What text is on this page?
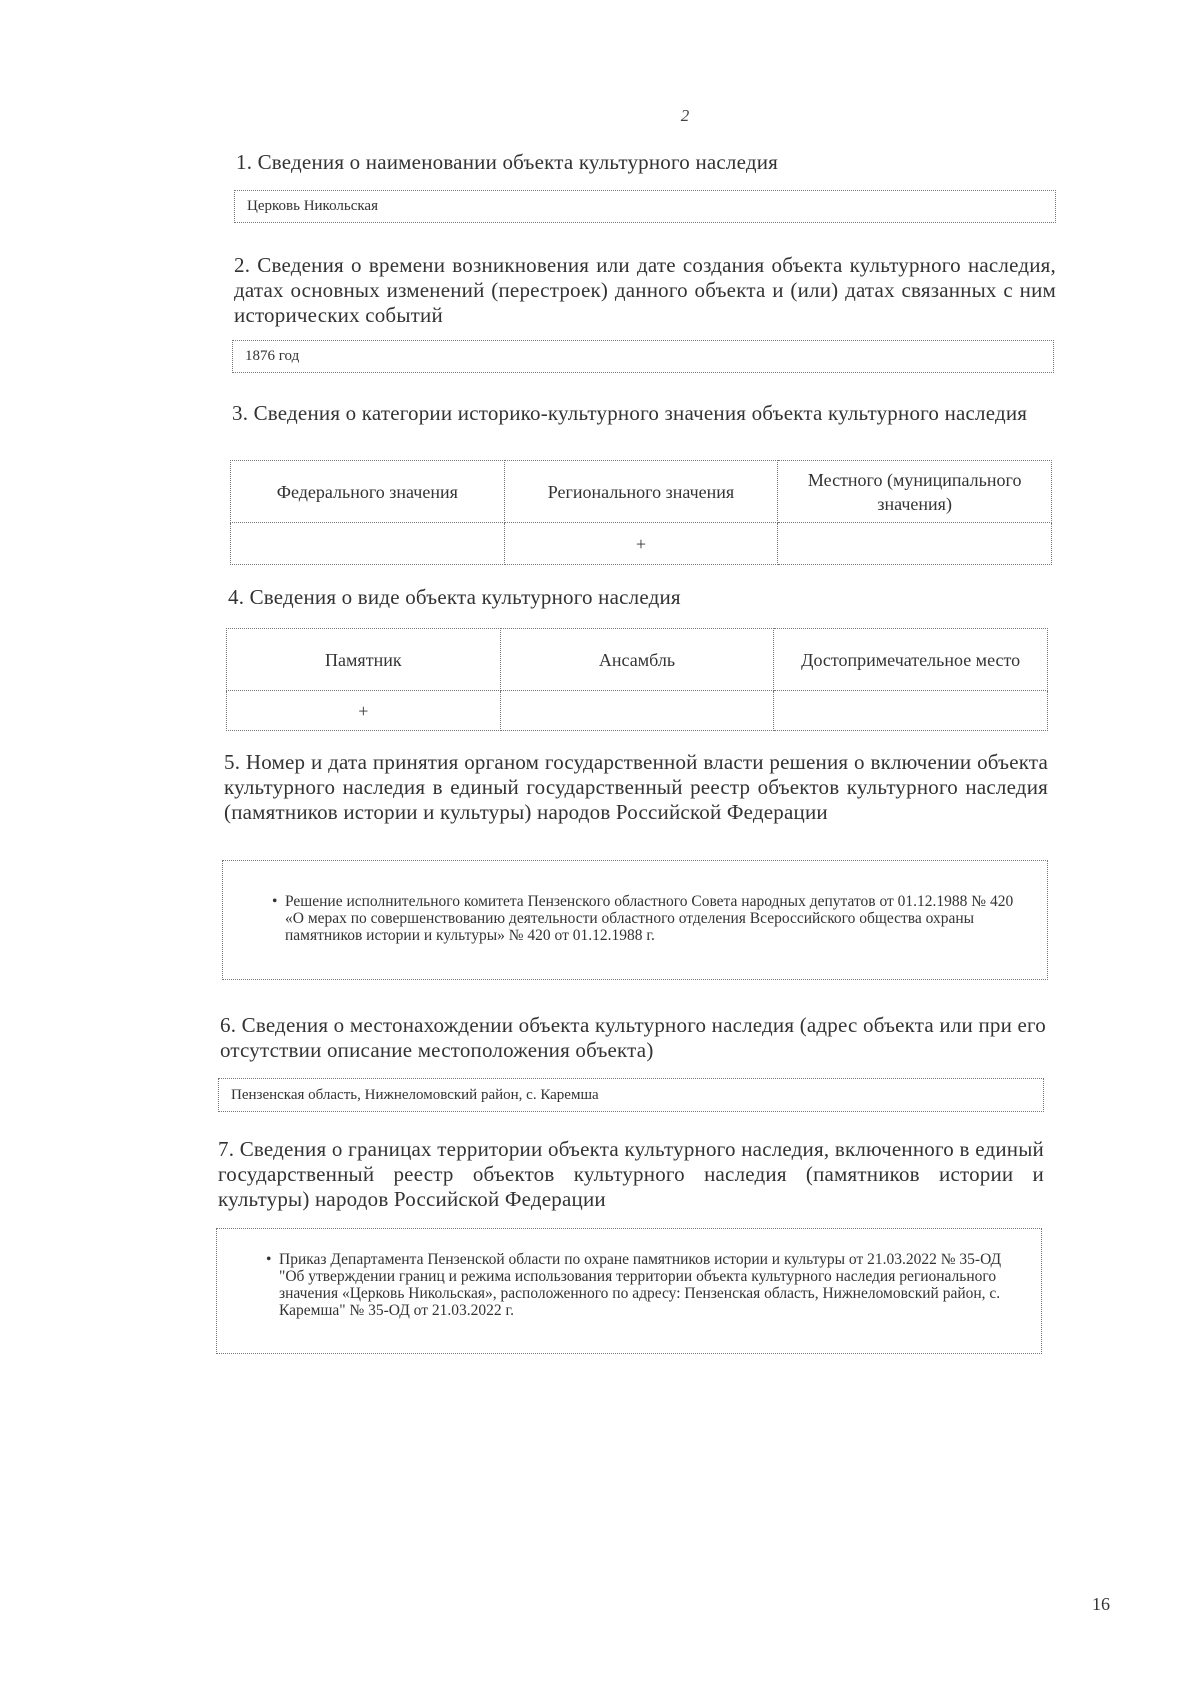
2
1. Сведения о наименовании объекта культурного наследия
Церковь Никольская
2. Сведения о времени возникновения или дате создания объекта культурного наследия, датах основных изменений (перестроек) данного объекта и (или) датах связанных с ним исторических событий
1876 год
3. Сведения о категории историко-культурного значения объекта культурного наследия
Федерального значения	Регионального значения	Местного (муниципального значения)
	+	
4. Сведения о виде объекта культурного наследия
Памятник	Ансамбль	Достопримечательное место
+		
5. Номер и дата принятия органом государственной власти решения о включении объекта культурного наследия в единый государственный реестр объектов культурного наследия (памятников истории и культуры) народов Российской Федерации
• Решение исполнительного комитета Пензенского областного Совета народных депутатов от 01.12.1988 № 420 «О мерах по совершенствованию деятельности областного отделения Всероссийского общества охраны памятников истории и культуры» № 420 от 01.12.1988 г.
6. Сведения о местонахождении объекта культурного наследия (адрес объекта или при его отсутствии описание местоположения объекта)
Пензенская область, Нижнеломовский район, с. Каремша
7. Сведения о границах территории объекта культурного наследия, включенного в единый государственный реестр объектов культурного наследия (памятников истории и культуры) народов Российской Федерации
• Приказ Департамента Пензенской области по охране памятников истории и культуры от 21.03.2022 № 35-ОД "Об утверждении границ и режима использования территории объекта культурного наследия регионального значения «Церковь Никольская», расположенного по адресу: Пензенская область, Нижнеломовский район, с. Каремша" № 35-ОД от 21.03.2022 г.
16
